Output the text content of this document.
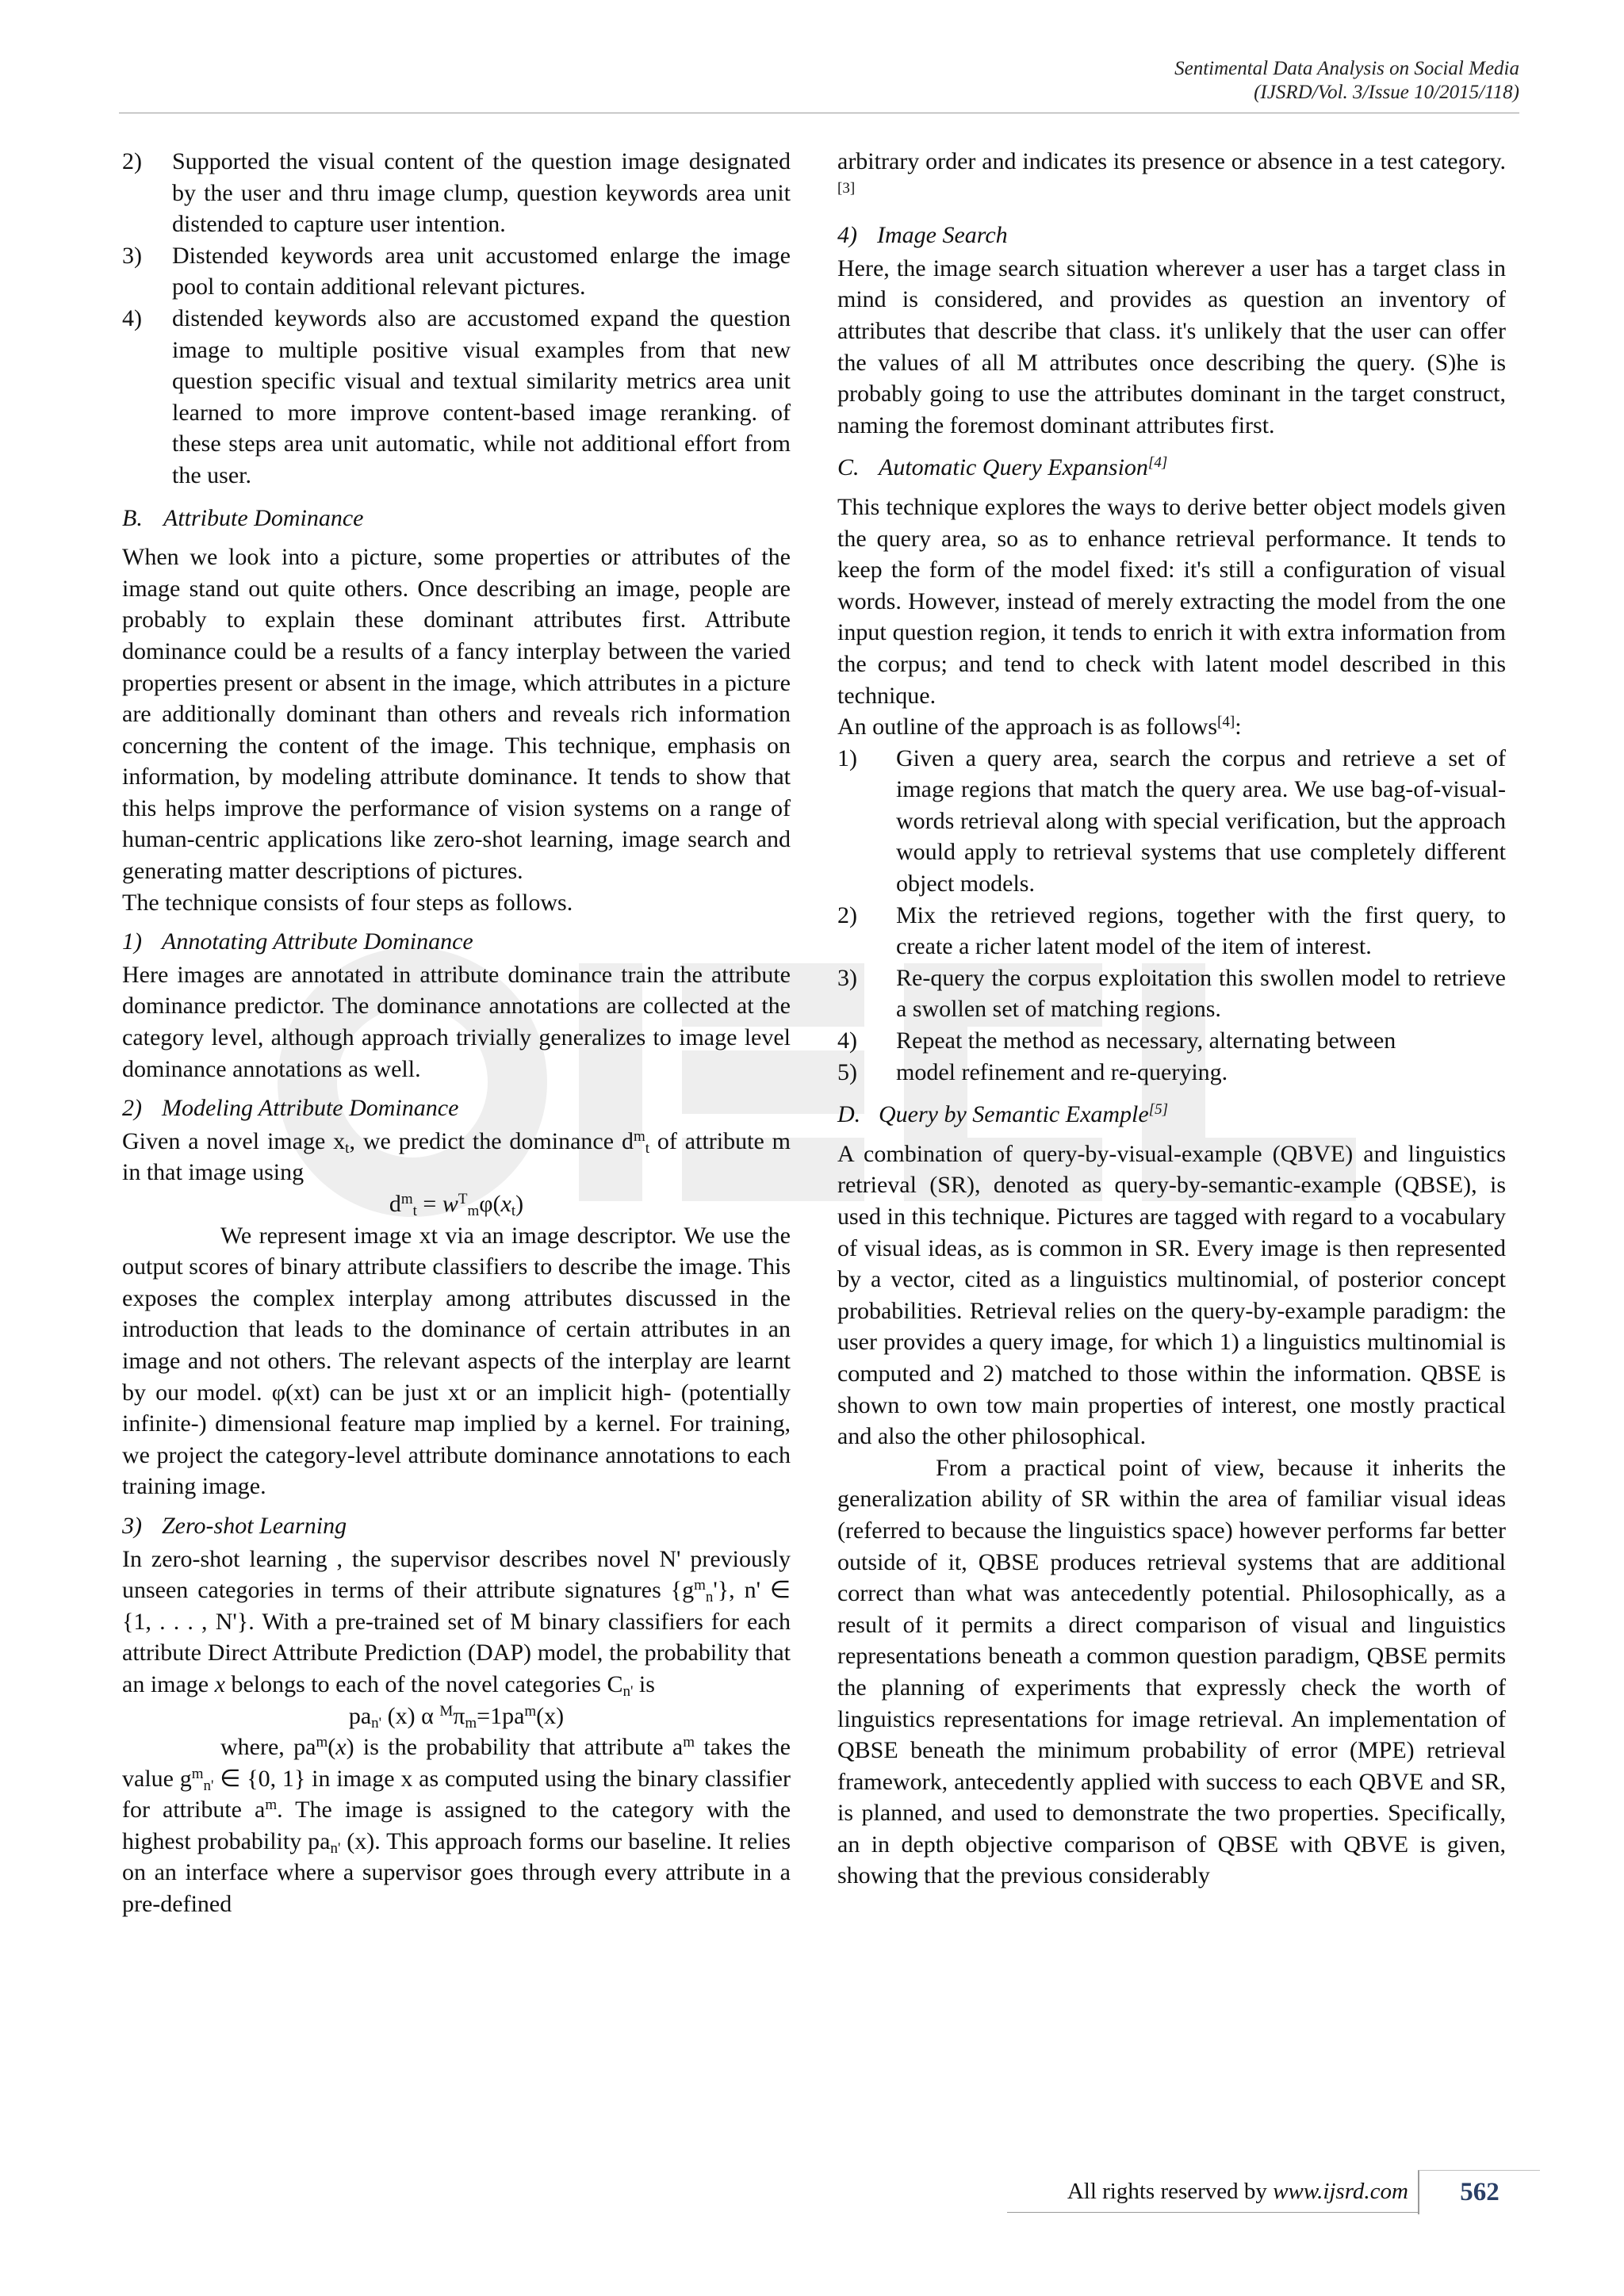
Sentimental Data Analysis on Social Media
(IJSRD/Vol. 3/Issue 10/2015/118)

2) Supported the visual content of the question image designated by the user and thru image clump, question keywords area unit distended to capture user intention.

3) Distended keywords area unit accustomed enlarge the image pool to contain additional relevant pictures.

4) distended keywords also are accustomed expand the question image to multiple positive visual examples from that new question specific visual and textual similarity metrics area unit learned to more improve content-based image reranking. of these steps area unit automatic, while not additional effort from the user.

B. Attribute Dominance

When we look into a picture, some properties or attributes of the image stand out quite others. Once describing an image, people are probably to explain these dominant attributes first. Attribute dominance could be a results of a fancy interplay between the varied properties present or absent in the image, which attributes in a picture are additionally dominant than others and reveals rich information concerning the content of the image. This technique, emphasis on information, by modeling attribute dominance. It tends to show that this helps improve the performance of vision systems on a range of human-centric applications like zero-shot learning, image search and generating matter descriptions of pictures.

The technique consists of four steps as follows.

1) Annotating Attribute Dominance

Here images are annotated in attribute dominance train the attribute dominance predictor. The dominance annotations are collected at the category level, although approach trivially generalizes to image level dominance annotations as well.

2) Modeling Attribute Dominance

Given a novel image $x_t$, we predict the dominance $d^m_t$ of attribute m in that image using

$d^m_t = w^T_m\varphi(x_t)$

We represent image xt via an image descriptor. We use the output scores of binary attribute classifiers to describe the image. This exposes the complex interplay among attributes discussed in the introduction that leads to the dominance of certain attributes in an image and not others. The relevant aspects of the interplay are learnt by our model. φ(xt) can be just xt or an implicit high- (potentially infinite-) dimensional feature map implied by a kernel. For training, we project the category-level attribute dominance annotations to each training image.

3) Zero-shot Learning

In zero-shot learning , the supervisor describes novel N' previously unseen categories in terms of their attribute signatures $\{g^m_n'\}$, n' ∈ {1, . . . , N'}. With a pre-trained set of M binary classifiers for each attribute Direct Attribute Prediction (DAP) model, the probability that an image x belongs to each of the novel categories $C_{n'}$ is

$pa_{n'}$ (x) α $^M\pi_m=1pa^m(x)$

where, $pa^m(x)$ is the probability that attribute $a^m$ takes the value $g^m_{n'}$ ∈ {0, 1} in image x as computed using the binary classifier for attribute $a^m$. The image is assigned to the category with the highest probability $pa_{n'}$ (x). This approach forms our baseline. It relies on an interface where a supervisor goes through every attribute in a pre-defined

arbitrary order and indicates its presence or absence in a test category.[3]

4) Image Search

Here, the image search situation wherever a user has a target class in mind is considered, and provides as question an inventory of attributes that describe that class. it's unlikely that the user can offer the values of all M attributes once describing the query. (S)he is probably going to use the attributes dominant in the target construct, naming the foremost dominant attributes first.

C. Automatic Query Expansion[4]

This technique explores the ways to derive better object models given the query area, so as to enhance retrieval performance. It tends to keep the form of the model fixed: it's still a configuration of visual words. However, instead of merely extracting the model from the one input question region, it tends to enrich it with extra information from the corpus; and tend to check with latent model described in this technique.

An outline of the approach is as follows[4]:

1) Given a query area, search the corpus and retrieve a set of image regions that match the query area. We use bag-of-visual-words retrieval along with special verification, but the approach would apply to retrieval systems that use completely different object models.

2) Mix the retrieved regions, together with the first query, to create a richer latent model of the item of interest.

3) Re-query the corpus exploitation this swollen model to retrieve a swollen set of matching regions.

4) Repeat the method as necessary, alternating between

5) model refinement and re-querying.

D. Query by Semantic Example[5]

A combination of query-by-visual-example (QBVE) and linguistics retrieval (SR), denoted as query-by-semantic-example (QBSE), is used in this technique. Pictures are tagged with regard to a vocabulary of visual ideas, as is common in SR. Every image is then represented by a vector, cited as a linguistics multinomial, of posterior concept probabilities. Retrieval relies on the query-by-example paradigm: the user provides a query image, for which 1) a linguistics multinomial is computed and 2) matched to those within the information. QBSE is shown to own tow main properties of interest, one mostly practical and also the other philosophical.

From a practical point of view, because it inherits the generalization ability of SR within the area of familiar visual ideas (referred to because the linguistics space) however performs far better outside of it, QBSE produces retrieval systems that are additional correct than what was antecedently potential. Philosophically, as a result of it permits a direct comparison of visual and linguistics representations beneath a common question paradigm, QBSE permits the planning of experiments that expressly check the worth of linguistics representations for image retrieval. An implementation of QBSE beneath the minimum probability of error (MPE) retrieval framework, antecedently applied with success to each QBVE and SR, is planned, and used to demonstrate the two properties. Specifically, an in depth objective comparison of QBSE with QBVE is given, showing that the previous considerably

All rights reserved by www.ijsrd.com	562
